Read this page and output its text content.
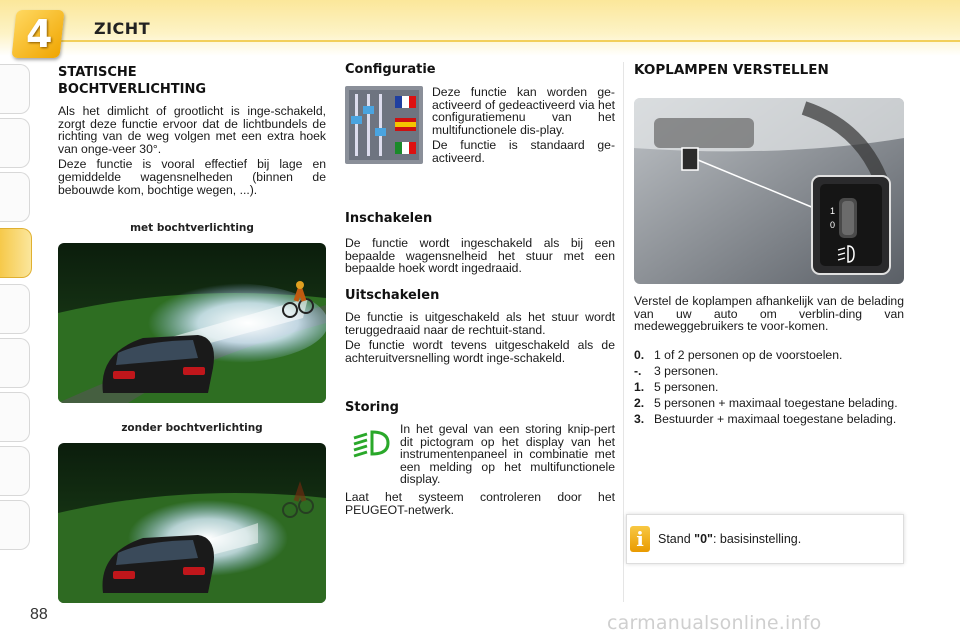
4	ZICHT
STATISCHE
BOCHTVERLICHTING

Als het dimlicht of grootlicht is inge-schakeld, zorgt deze functie ervoor dat de lichtbundels de richting van de weg volgen met een extra hoek van onge-veer 30°.

Deze functie is vooral effectief bij lage en gemiddelde wagensnelheden (binnen de bebouwde kom, bochtige wegen, ...).

met bochtverlichting
zonder bochtverlichting
Configuratie

Deze functie kan worden ge-activeerd of gedeactiveerd via het configuratiemenu van het multifunctionele dis-play.

De functie is standaard ge-activeerd.

Inschakelen

De functie wordt ingeschakeld als bij een bepaalde wagensnelheid het stuur met een bepaalde hoek wordt ingedraaid.

Uitschakelen

De functie is uitgeschakeld als het stuur wordt teruggedraaid naar de rechtuit-stand.

De functie wordt tevens uitgeschakeld als de achteruitversnelling wordt inge-schakeld.

Storing

In het geval van een storing knip-pert dit pictogram op het display van het instrumentenpaneel in combinatie met een melding op het multifunctionele display.

Laat het systeem controleren door het PEUGEOT-netwerk.

KOPLAMPEN VERSTELLEN
1
0

Verstel de koplampen afhankelijk van de belading van uw auto om verblin-ding van medeweggebruikers te voor-komen.

0. 1 of 2 personen op de voorstoelen.
-.	3 personen.
1. 5 personen.
2. 5 personen + maximaal toegestane belading.
3. Bestuurder + maximaal toegestane belading.
i	Stand "0": basisinstelling.
88	carmanualsonline.info
